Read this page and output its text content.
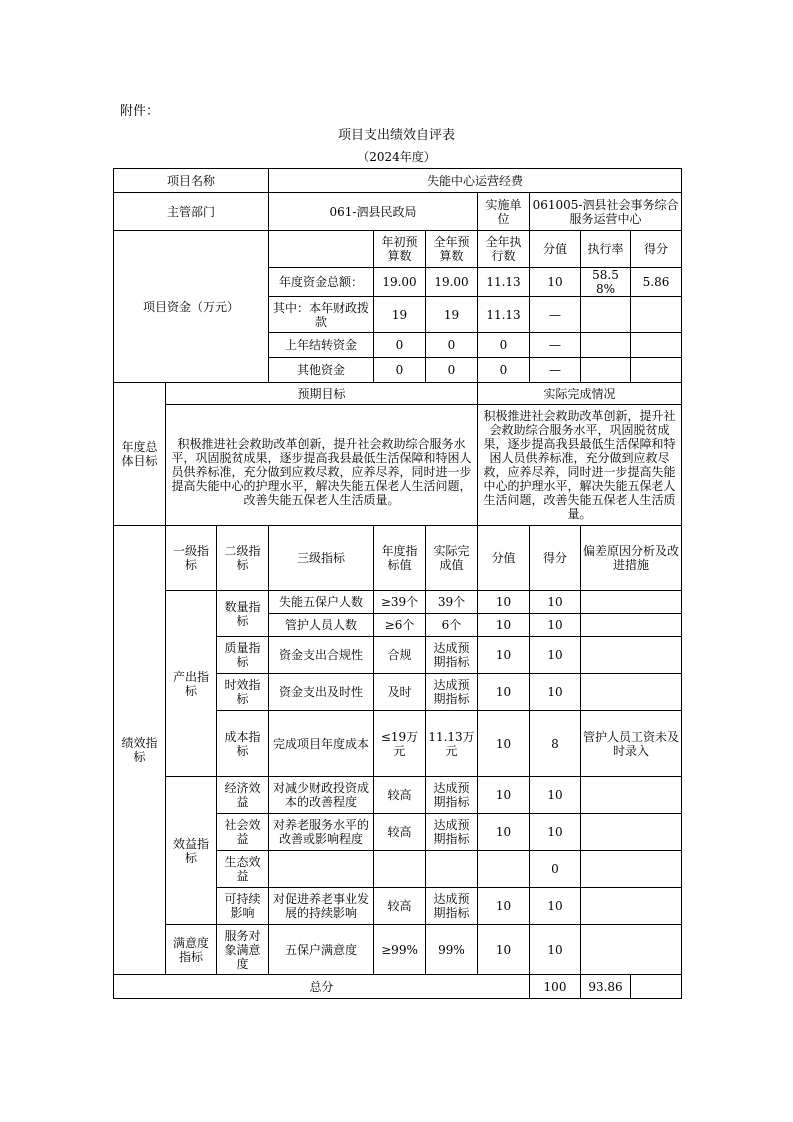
附件：
项目支出绩效自评表
（2024年度）
项目名称			失能中心运营经费						
主管部门			061-泗县民政局			实施单位	061005-泗县社会事务综合服务运营中心		
项目资金（万元）				年初预算数	全年预算数	全年执行数	分值	执行率	得分
			年度资金总额：	19.00	19.00	11.13	10	58.58%	5.86
			其中：本年财政拨款	19	19	11.13	—		
			上年结转资金	0	0	0	—		
			其他资金	0	0	0	—		
年度总体目标	预期目标					实际完成情况			
	积极推进社会救助改革创新，提升社会救助综合服务水平，巩固脱贫成果，逐步提高我县最低生活保障和特困人员供养标准，充分做到应救尽救，应养尽养，同时进一步提高失能中心的护理水平，解决失能五保老人生活问题，改善失能五保老人生活质量。					积极推进社会救助改革创新，提升社会救助综合服务水平，巩固脱贫成果，逐步提高我县最低生活保障和特困人员供养标准，充分做到应救尽救，应养尽养，同时进一步提高失能中心的护理水平，解决失能五保老人生活问题，改善失能五保老人生活质量。			
绩效指标	一级指标	二级指标	三级指标	年度指标值	实际完成值	分值	得分	偏差原因分析及改进措施	
	产出指标	数量指标	失能五保户人数	≥39个	39个	10	10		
			管护人员人数	≥6个	6个	10	10		
		质量指标	资金支出合规性	合规	达成预期指标	10	10		
		时效指标	资金支出及时性	及时	达成预期指标	10	10		
		成本指标	完成项目年度成本	≤19万元	11.13万元	10	8	管护人员工资未及时录入	
	效益指标	经济效益	对减少财政投资成本的改善程度	较高	达成预期指标	10	10		
		社会效益	对养老服务水平的改善或影响程度	较高	达成预期指标	10	10		
		生态效益					0		
		可持续影响	对促进养老事业发展的持续影响	较高	达成预期指标	10	10		
	满意度指标	服务对象满意度	五保户满意度	≥99%	99%	10	10		
总分							100	93.86	
